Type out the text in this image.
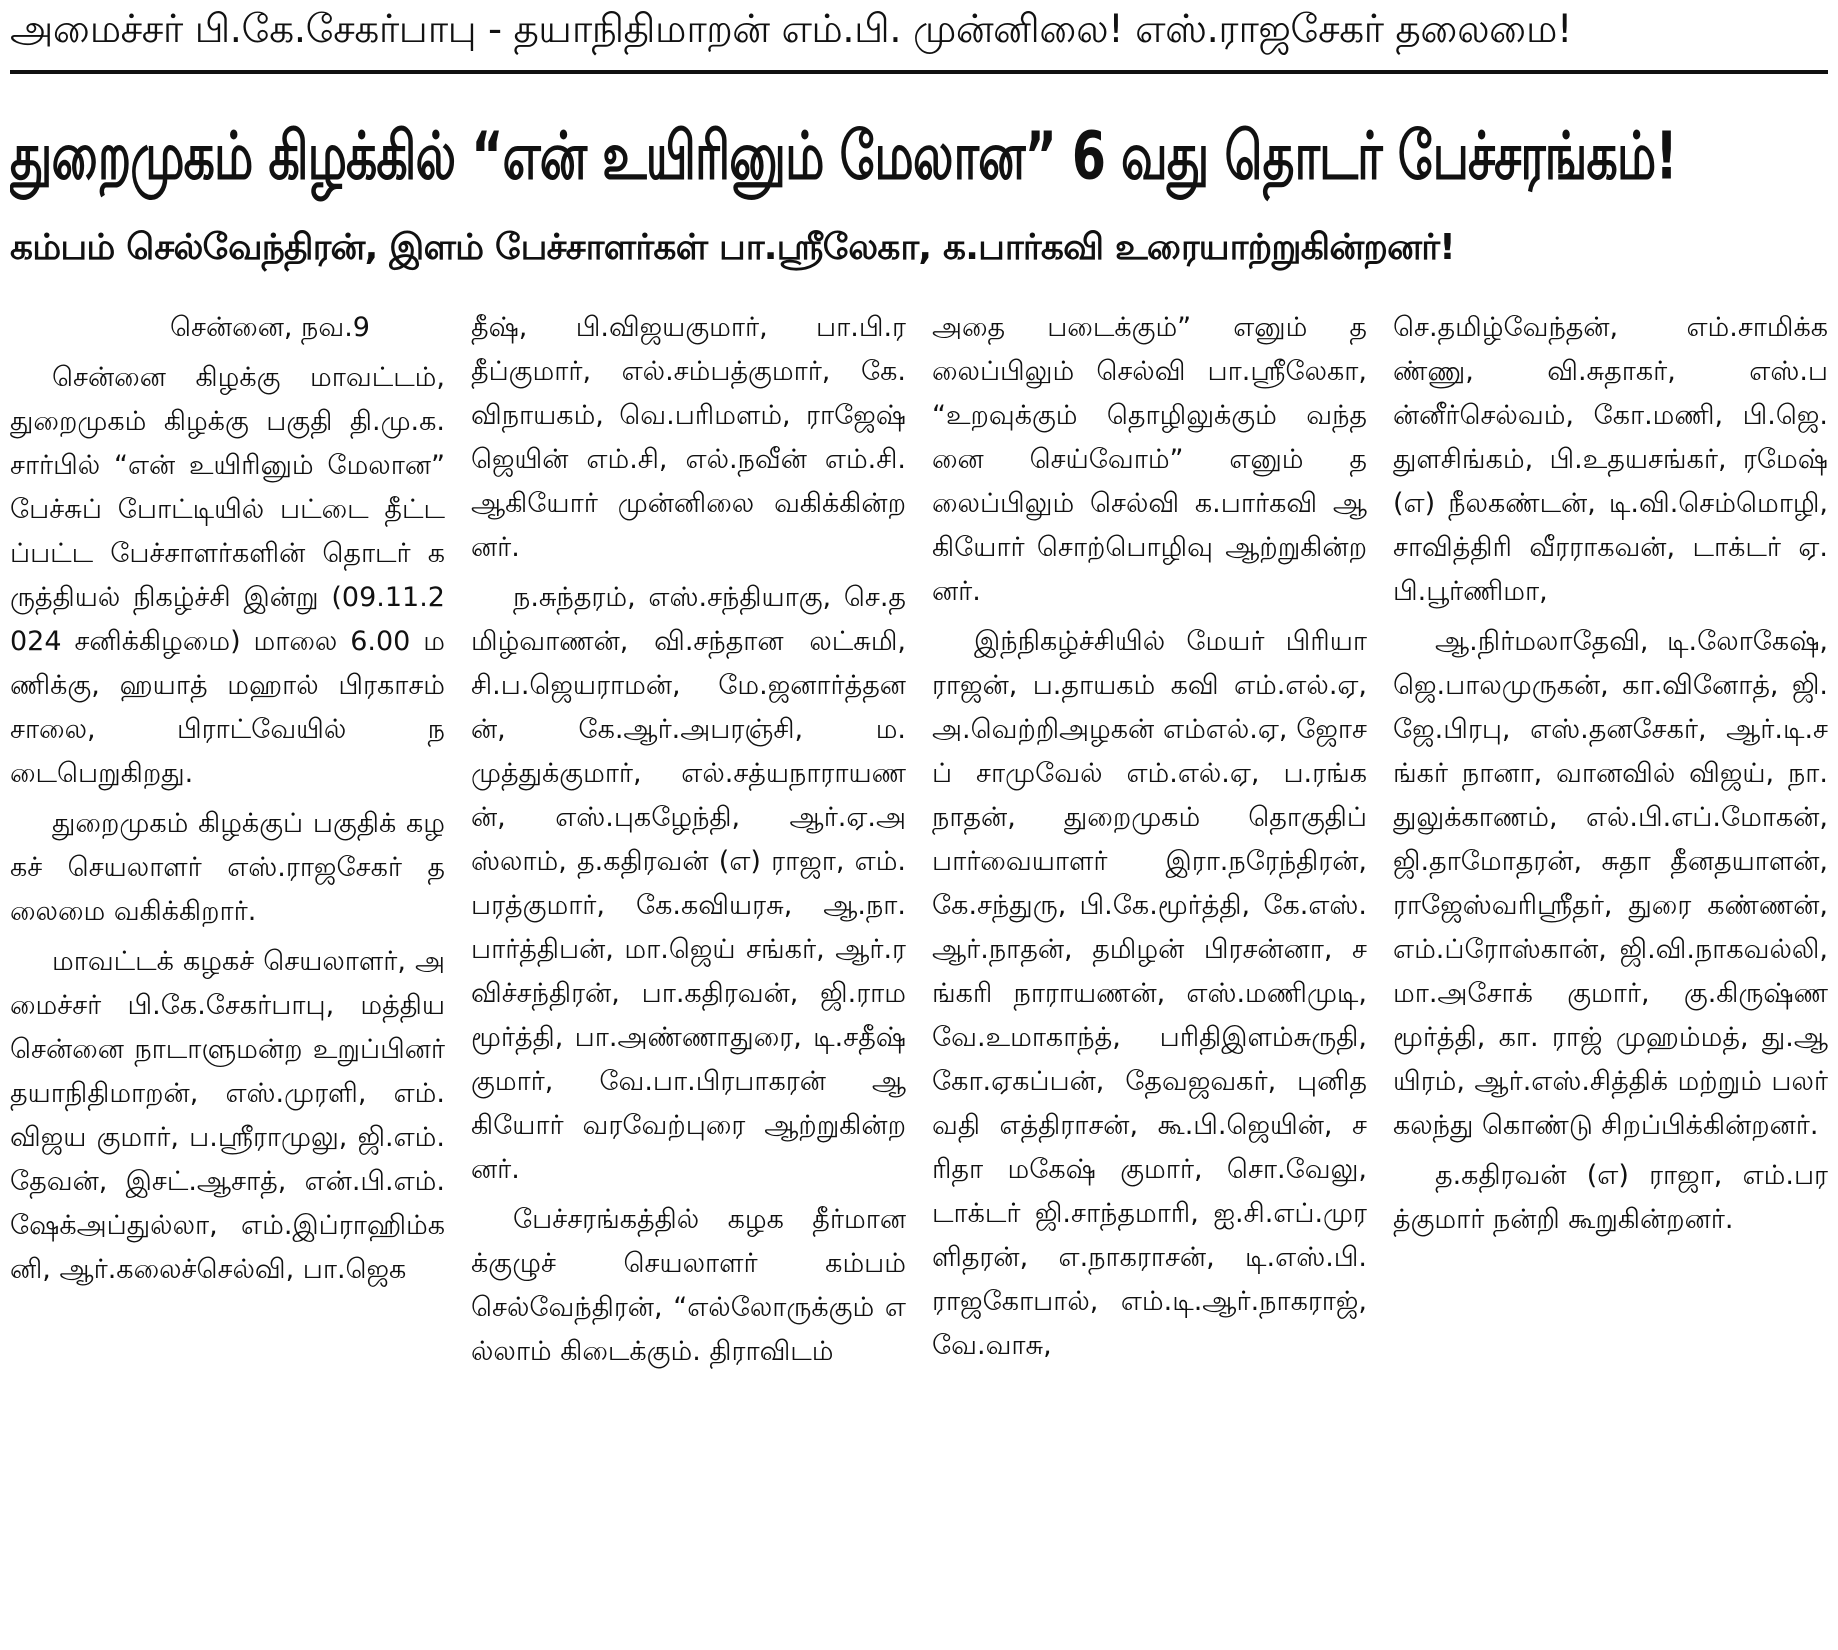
அமைச்சர் பி.கே.சேகர்பாபு - தயாநிதிமாறன் எம்.பி. முன்னிலை! எஸ்.ராஜசேகர் தலைமை!
துறைமுகம் கிழக்கில் “என் உயிரினும் மேலான” 6 வது தொடர் பேச்சரங்கம்!
கம்பம் செல்வேந்திரன், இளம் பேச்சாளர்கள் பா.ஸ்ரீலேகா, க.பார்கவி உரையாற்றுகின்றனர்!

சென்னை, நவ.9

சென்னை கிழக்கு மாவட்டம், துறைமுகம் கிழக்கு பகுதி தி.மு.க. சார்பில் “என் உயிரினும் மேலான” பேச்சுப் போட்டியில் பட்டை தீட்டப்பட்ட பேச்சாளர்களின் தொடர் கருத்தியல் நிகழ்ச்சி இன்று (09.11.2024 சனிக்கிழமை) மாலை 6.00 மணிக்கு, ஹயாத் மஹால் பிரகாசம் சாலை, பிராட்வேயில் நடைபெறுகிறது.

துறைமுகம் கிழக்குப் பகுதிக் கழகச் செயலாளர் எஸ்.ராஜசேகர் தலைமை வகிக்கிறார்.

மாவட்டக் கழகச் செயலாளர், அமைச்சர் பி.கே.சேகர்பாபு, மத்திய சென்னை நாடாளுமன்ற உறுப்பினர் தயாநிதிமாறன், எஸ்.முரளி, எம்.விஜய குமார், ப.ஸ்ரீராமுலு, ஜி.எம்.தேவன், இசட்.ஆசாத், என்.பி.எம்.ஷேக்அப்துல்லா, எம்.இப்ராஹிம்கனி, ஆர்.கலைச்செல்வி, பா.ஜெக

தீஷ், பி.விஜயகுமார், பா.பி.ரதீப்குமார், எல்.சம்பத்குமார், கே.விநாயகம், வெ.பரிமளம், ராஜேஷ் ஜெயின் எம்.சி, எல்.நவீன் எம்.சி. ஆகியோர் முன்னிலை வகிக்கின்றனர்.

ந.சுந்தரம், எஸ்.சந்தியாகு, செ.தமிழ்வாணன், வி.சந்தான லட்சுமி, சி.ப.ஜெயராமன், மே.ஜனார்த்தனன், கே.ஆர்.அபரஞ்சி, ம.முத்துக்குமார், எல்.சத்யநாராயணன், எஸ்.புகழேந்தி, ஆர்.ஏ.அஸ்லாம், த.கதிரவன் (எ) ராஜா, எம்.பரத்குமார், கே.கவியரசு, ஆ.நா.பார்த்திபன், மா.ஜெய் சங்கர், ஆர்.ரவிச்சந்திரன், பா.கதிரவன், ஜி.ராமமூர்த்தி, பா.அண்ணாதுரை, டி.சதீஷ் குமார், வே.பா.பிரபாகரன் ஆகியோர் வரவேற்புரை ஆற்றுகின்றனர்.

பேச்சரங்கத்தில் கழக தீர்மானக்குழுச் செயலாளர் கம்பம் செல்வேந்திரன், “எல்லோருக்கும் எல்லாம் கிடைக்கும். திராவிடம்

அதை படைக்கும்” எனும் தலைப்பிலும் செல்வி பா.ஸ்ரீலேகா, “உறவுக்கும் தொழிலுக்கும் வந்தனை செய்வோம்” எனும் தலைப்பிலும் செல்வி க.பார்கவி ஆகியோர் சொற்பொழிவு ஆற்றுகின்றனர்.

இந்நிகழ்ச்சியில் மேயர் பிரியா ராஜன், ப.தாயகம் கவி எம்.எல்.ஏ, அ.வெற்றிஅழகன் எம்எல்.ஏ, ஜோசப் சாமுவேல் எம்.எல்.ஏ, ப.ரங்கநாதன், துறைமுகம் தொகுதிப் பார்வையாளர் இரா.நரேந்திரன், கே.சந்துரு, பி.கே.மூர்த்தி, கே.எஸ்.ஆர்.நாதன், தமிழன் பிரசன்னா, சங்கரி நாராயணன், எஸ்.மணிமுடி, வே.உமாகாந்த், பரிதிஇளம்சுருதி, கோ.ஏகப்பன், தேவஜவகர், புனிதவதி எத்திராசன், கூ.பி.ஜெயின், சரிதா மகேஷ் குமார், சொ.வேலு, டாக்டர் ஜி.சாந்தமாரி, ஐ.சி.எப்.முரளிதரன், எ.நாகராசன், டி.எஸ்.பி.ராஜகோபால், எம்.டி.ஆர்.நாகராஜ், வே.வாசு,

செ.தமிழ்வேந்தன், எம்.சாமிக்கண்ணு, வி.சுதாகர், எஸ்.பன்னீர்செல்வம், கோ.மணி, பி.ஜெ.துளசிங்கம், பி.உதயசங்கர், ரமேஷ் (எ) நீலகண்டன், டி.வி.செம்மொழி, சாவித்திரி வீரராகவன், டாக்டர் ஏ.பி.பூர்ணிமா,

ஆ.நிர்மலாதேவி, டி.லோகேஷ், ஜெ.பாலமுருகன், கா.வினோத், ஜி.ஜே.பிரபு, எஸ்.தனசேகர், ஆர்.டி.சங்கர் நானா, வானவில் விஜய், நா.துலுக்காணம், எல்.பி.எப்.மோகன், ஜி.தாமோதரன், சுதா தீனதயாளன், ராஜேஸ்வரிஸ்ரீதர், துரை கண்ணன், எம்.ப்ரோஸ்கான், ஜி.வி.நாகவல்லி, மா.அசோக் குமார், கு.கிருஷ்ணமூர்த்தி, கா. ராஜ் முஹம்மத், து.ஆயிரம், ஆர்.எஸ்.சித்திக் மற்றும் பலர் கலந்து கொண்டு சிறப்பிக்கின்றனர்.

த.கதிரவன் (எ) ராஜா, எம்.பரத்குமார் நன்றி கூறுகின்றனர்.
